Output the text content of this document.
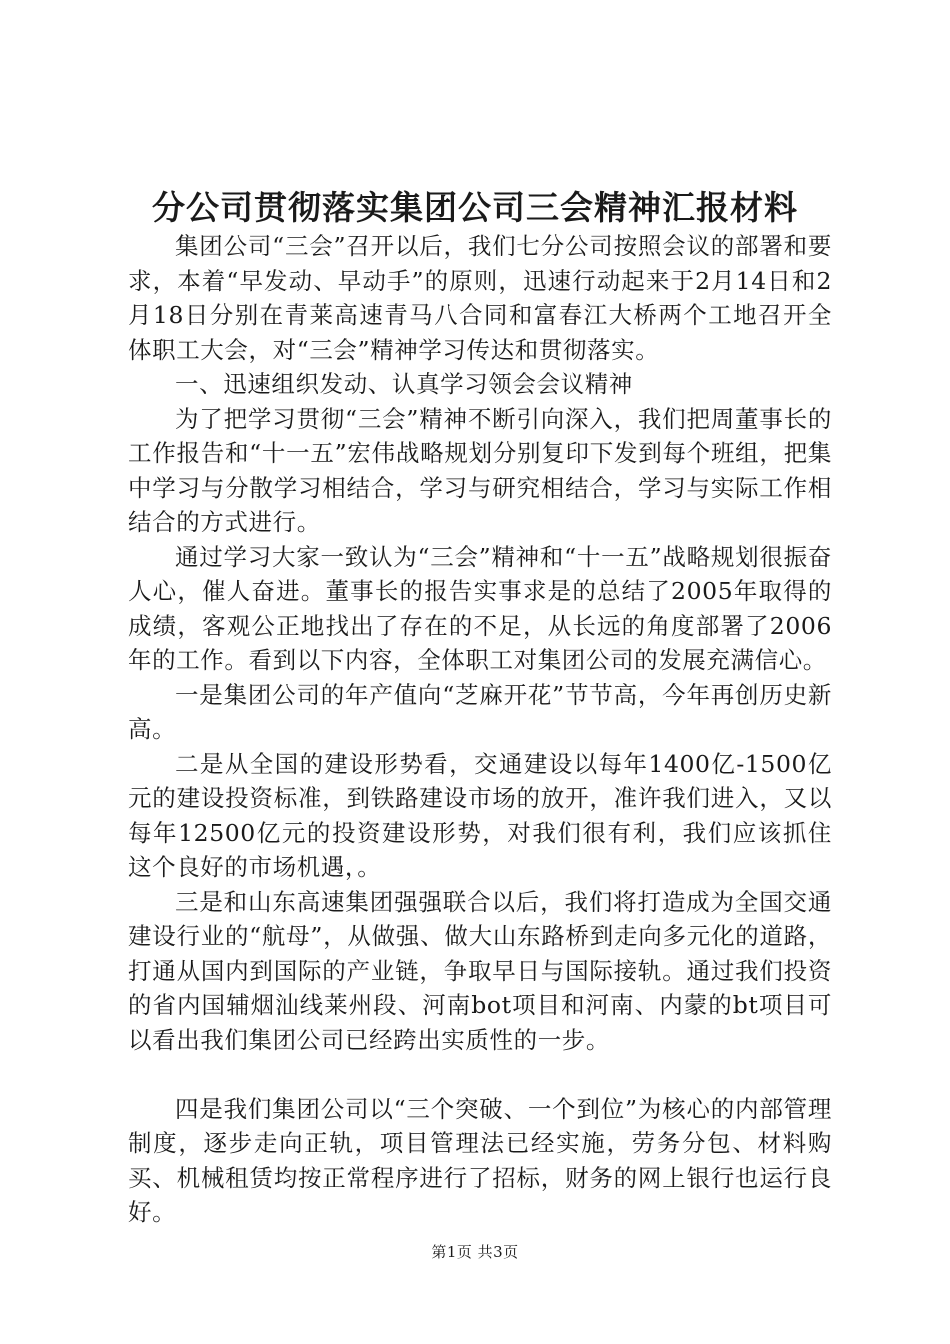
分公司贯彻落实集团公司三会精神汇报材料

集团公司“三会”召开以后，我们七分公司按照会议的部署和要求，本着“早发动、早动手”的原则，迅速行动起来于2月14日和2月18日分别在青莱高速青马八合同和富春江大桥两个工地召开全体职工大会，对“三会”精神学习传达和贯彻落实。

一、迅速组织发动、认真学习领会会议精神

为了把学习贯彻“三会”精神不断引向深入，我们把周董事长的工作报告和“十一五”宏伟战略规划分别复印下发到每个班组，把集中学习与分散学习相结合，学习与研究相结合，学习与实际工作相结合的方式进行。

通过学习大家一致认为“三会”精神和“十一五”战略规划很振奋人心，催人奋进。董事长的报告实事求是的总结了2005年取得的成绩，客观公正地找出了存在的不足，从长远的角度部署了2006年的工作。看到以下内容，全体职工对集团公司的发展充满信心。

一是集团公司的年产值向“芝麻开花”节节高，今年再创历史新高。

二是从全国的建设形势看，交通建设以每年1400亿-1500亿元的建设投资标准，到铁路建设市场的放开，准许我们进入，又以每年12500亿元的投资建设形势，对我们很有利，我们应该抓住这个良好的市场机遇，。

三是和山东高速集团强强联合以后，我们将打造成为全国交通建设行业的“航母”，从做强、做大山东路桥到走向多元化的道路，打通从国内到国际的产业链，争取早日与国际接轨。通过我们投资的省内国辅烟汕线莱州段、河南bot项目和河南、内蒙的bt项目可以看出我们集团公司已经跨出实质性的一步。

四是我们集团公司以“三个突破、一个到位”为核心的内部管理制度，逐步走向正轨，项目管理法已经实施，劳务分包、材料购买、机械租赁均按正常程序进行了招标，财务的网上银行也运行良好。

第1页 共3页
